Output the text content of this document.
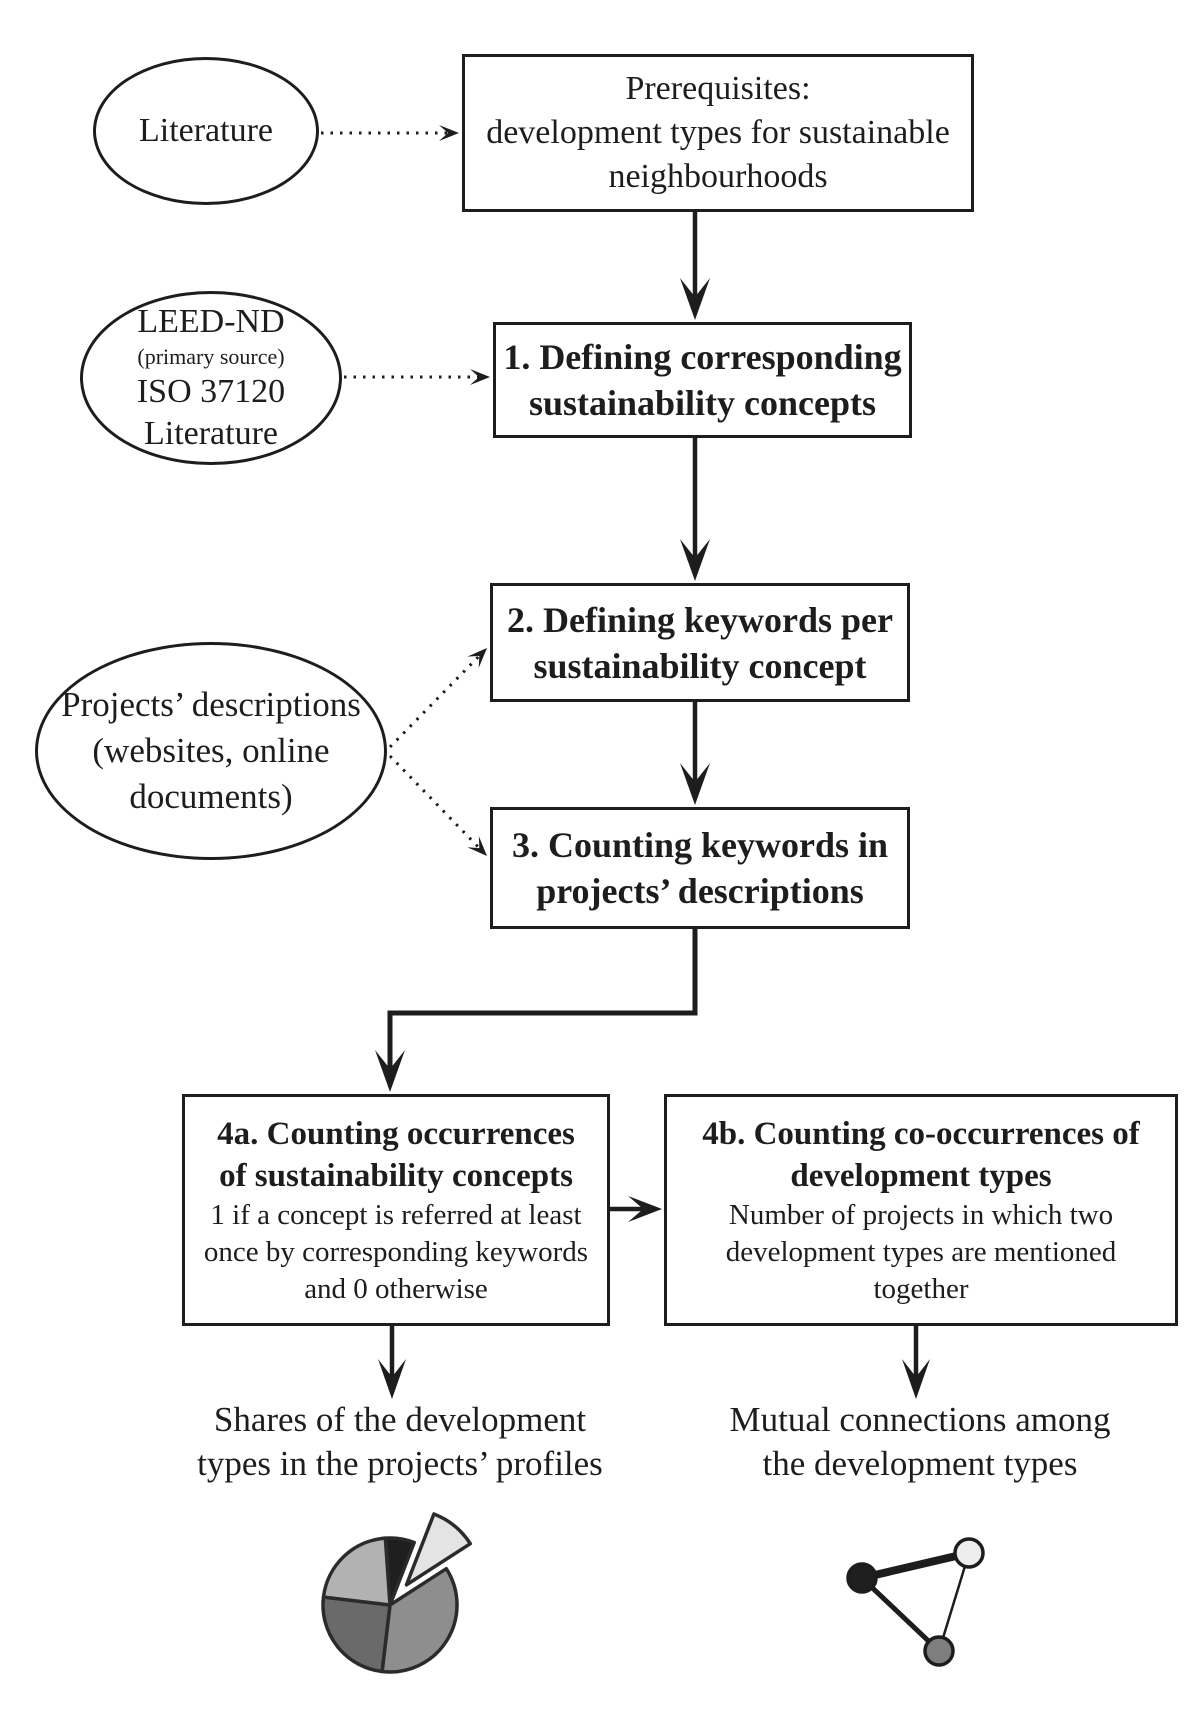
Literature
LEED-ND
(primary source)
ISO 37120
Literature
Projects’ descriptions
(websites, online
documents)
Prerequisites:
development types for sustainable
neighbourhoods
1. Defining corresponding
sustainability concepts
2. Defining keywords per
sustainability concept
3. Counting keywords in
projects’ descriptions
4a. Counting occurrences
of sustainability concepts
1 if a concept is referred at least
once by corresponding keywords
and 0 otherwise
4b. Counting co-occurrences of
development types
Number of projects in which two
development types are mentioned
together
Shares of the development
types in the projects’ profiles
Mutual connections among
the development types
